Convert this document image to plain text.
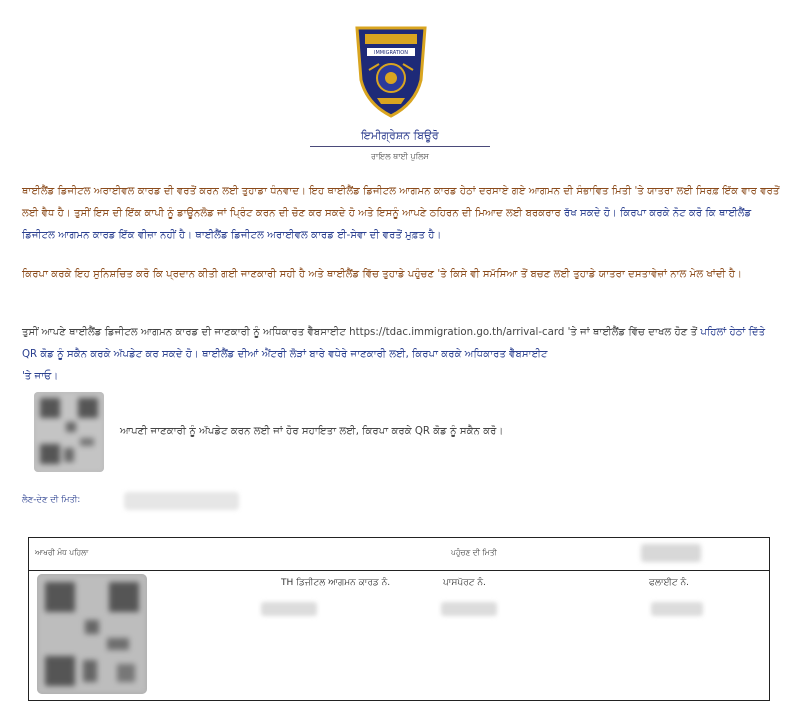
IMMIGRATION
ਇਮੀਗ੍ਰੇਸ਼ਨ ਬਿਊਰੋ
ਰਾਇਲ ਥਾਈ ਪੁਲਿਸ
ਥਾਈਲੈਂਡ ਡਿਜੀਟਲ ਅਰਾਈਵਲ ਕਾਰਡ ਦੀ ਵਰਤੋਂ ਕਰਨ ਲਈ ਤੁਹਾਡਾ ਧੰਨਵਾਦ। ਇਹ ਥਾਈਲੈਂਡ ਡਿਜੀਟਲ ਆਗਮਨ ਕਾਰਡ ਹੇਠਾਂ ਦਰਸਾਏ ਗਏ ਆਗਮਨ ਦੀ ਸੰਭਾਵਿਤ ਮਿਤੀ 'ਤੇ ਯਾਤਰਾ ਲਈ ਸਿਰਫ਼ ਇੱਕ ਵਾਰ ਵਰਤੋਂ ਲਈ ਵੈਧ ਹੈ। ਤੁਸੀਂ ਇਸ ਦੀ ਇੱਕ ਕਾਪੀ ਨੂੰ ਡਾਊਨਲੋਡ ਜਾਂ ਪ੍ਰਿੰਟ ਕਰਨ ਦੀ ਚੋਣ ਕਰ ਸਕਦੇ ਹੋ ਅਤੇ ਇਸਨੂੰ ਆਪਣੇ ਠਹਿਰਨ ਦੀ ਮਿਆਦ ਲਈ ਬਰਕਰਾਰ ਰੱਖ ਸਕਦੇ ਹੋ। ਕਿਰਪਾ ਕਰਕੇ ਨੋਟ ਕਰੋ ਕਿ ਥਾਈਲੈਂਡ ਡਿਜੀਟਲ ਆਗਮਨ ਕਾਰਡ ਇੱਕ ਵੀਜ਼ਾ ਨਹੀਂ ਹੈ। ਥਾਈਲੈਂਡ ਡਿਜੀਟਲ ਅਰਾਈਵਲ ਕਾਰਡ ਈ-ਸੇਵਾ ਦੀ ਵਰਤੋਂ ਮੁਫ਼ਤ ਹੈ।
ਕਿਰਪਾ ਕਰਕੇ ਇਹ ਸੁਨਿਸ਼ਚਿਤ ਕਰੋ ਕਿ ਪ੍ਰਦਾਨ ਕੀਤੀ ਗਈ ਜਾਣਕਾਰੀ ਸਹੀ ਹੈ ਅਤੇ ਥਾਈਲੈਂਡ ਵਿੱਚ ਤੁਹਾਡੇ ਪਹੁੰਚਣ 'ਤੇ ਕਿਸੇ ਵੀ ਸਮੱਸਿਆ ਤੋਂ ਬਚਣ ਲਈ ਤੁਹਾਡੇ ਯਾਤਰਾ ਦਸਤਾਵੇਜ਼ਾਂ ਨਾਲ ਮੇਲ ਖਾਂਦੀ ਹੈ।
ਤੁਸੀਂ ਆਪਣੇ ਥਾਈਲੈਂਡ ਡਿਜੀਟਲ ਆਗਮਨ ਕਾਰਡ ਦੀ ਜਾਣਕਾਰੀ ਨੂੰ ਅਧਿਕਾਰਤ ਵੈੱਬਸਾਈਟ https://tdac.immigration.go.th/arrival-card 'ਤੇ ਜਾਂ ਥਾਈਲੈਂਡ ਵਿੱਚ ਦਾਖਲ ਹੋਣ ਤੋਂ ਪਹਿਲਾਂ ਹੇਠਾਂ ਦਿੱਤੇ QR ਕੋਡ ਨੂੰ ਸਕੈਨ ਕਰਕੇ ਅੱਪਡੇਟ ਕਰ ਸਕਦੇ ਹੋ। ਥਾਈਲੈਂਡ ਦੀਆਂ ਐਂਟਰੀ ਲੋੜਾਂ ਬਾਰੇ ਵਧੇਰੇ ਜਾਣਕਾਰੀ ਲਈ, ਕਿਰਪਾ ਕਰਕੇ ਅਧਿਕਾਰਤ ਵੈੱਬਸਾਈਟ
'ਤੇ ਜਾਓ।
ਆਪਣੀ ਜਾਣਕਾਰੀ ਨੂੰ ਅੱਪਡੇਟ ਕਰਨ ਲਈ ਜਾਂ ਹੋਰ ਸਹਾਇਤਾ ਲਈ, ਕਿਰਪਾ ਕਰਕੇ QR ਕੋਡ ਨੂੰ ਸਕੈਨ ਕਰੋ।
ਲੈਣ-ਦੇਣ ਦੀ ਮਿਤੀ:
ਆਖਰੀ ਮੰਧ ਪਹਿਲਾ	ਪਹੁੰਚਣ ਦੀ ਮਿਤੀ
TH ਡਿਜੀਟਲ ਆਗਮਨ ਕਾਰਡ ਨੰ.	ਪਾਸਪੋਰਟ ਨੰ.	ਫਲਾਈਟ ਨੰ.
